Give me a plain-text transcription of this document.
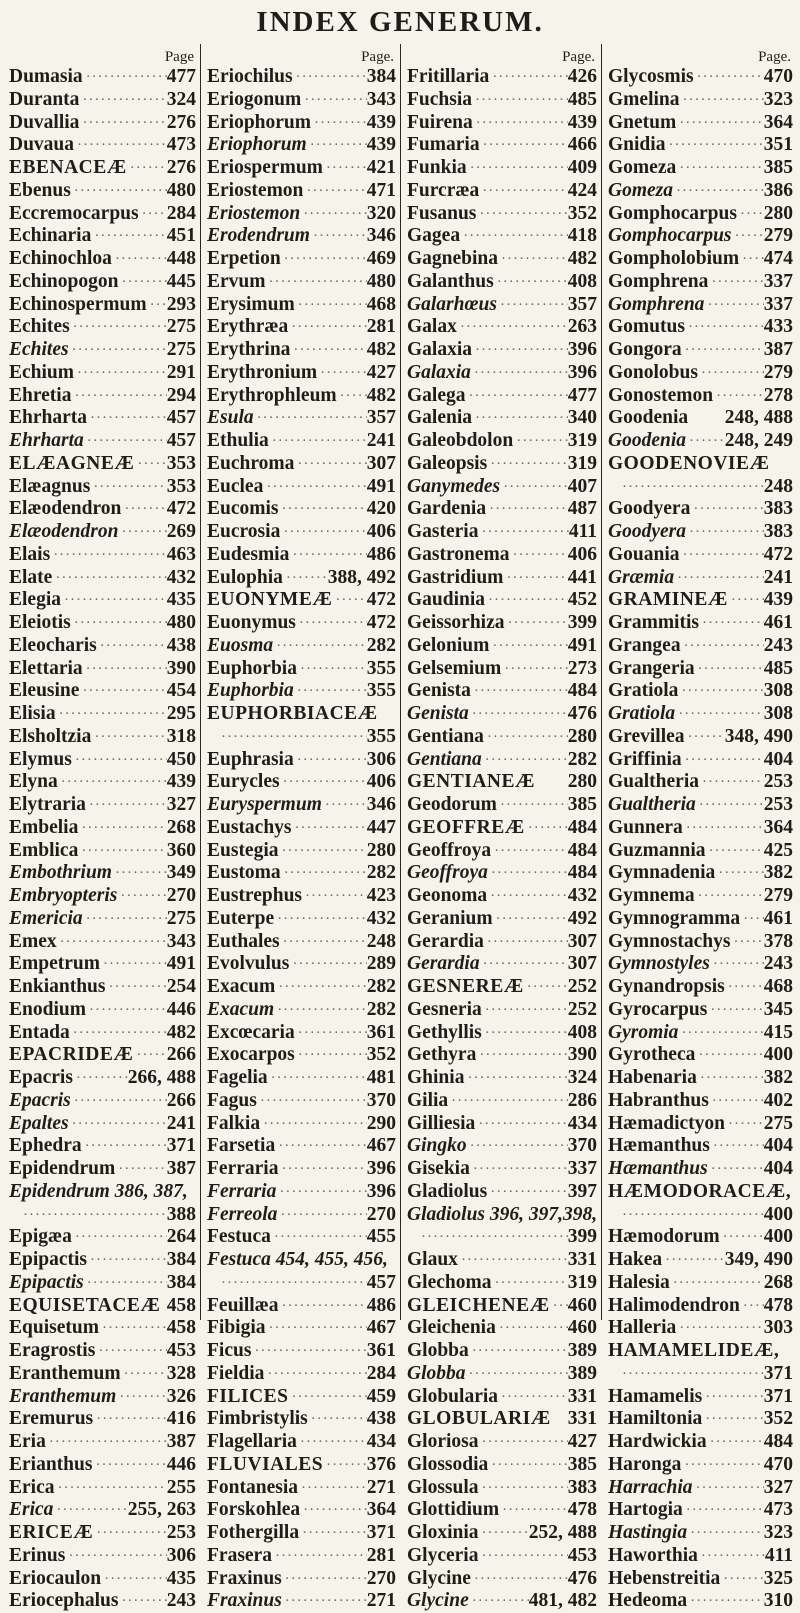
INDEX GENERUM.
Page
Dumasia ·····	477
Duranta ·····	324
Duvallia ·····	276
Duvaua ·····	473
EBENACEÆ ····· 276
Ebenus ·····	480
Eccremocarpus ····· 284
Echinaria ·····	451
Echinochloa ·····	448
Echinopogon ····· 445
Echinospermum ····· 293
Echites ·····	275
Echites ·····	275
Echium ·····	291
Ehretia ·····	294
Ehrharta ·····	457
Ehrharta ·····	457
ELÆAGNEÆ ····· 353
Elæagnus ·····	353
Elæodendron ····· 472
Elæodendron ····· 269
Elais ·····	463
Elate ·····	432
Elegia ·····	435
Eleiotis ·····	480
Eleocharis ·····	438
Elettaria ·····	390
Eleusine ·····	454
Elisia ·····	295
Elsholtzia ·····	318
Elymus ·····	450
Elyna ·····	439
Elytraria ·····	327
Embelia ·····	268
Emblica ·····	360
Embothrium ·····	349
Embryopteris ·····	270
Emericia ·····	275
Emex ·····	343
Empetrum ·····	491
Enkianthus ·····	254
Enodium ·····	446
Entada ·····	482
EPACRIDEÆ ····· 266
Epacris ·····	266, 488
Epacris ·····	266
Epaltes ·····	241
Ephedra ·····	371
Epidendrum ·····	387
Epidendrum 386, 387,
·····
388
Epigæa ·····	264
Epipactis ·····	384
Epipactis ·····	384
EQUISETACEÆ 458
Equisetum ·····	458
Eragrostis ·····	453
Eranthemum ····· 328
Eranthemum ·····	326
Eremurus ·····	416
Eria ·····	387
Erianthus ·····	446
Erica ·····	255
Erica ·····	255, 263
ERICEÆ ·····	253
Erinus ·····	306
Eriocaulon ·····	435
Eriocephalus ····· 243
Page.
Eriochilus ·····	384
Eriogonum ·····	343
Eriophorum ·····	439
Eriophorum ·····	439
Eriospermum ····· 421
Eriostemon ·····	471
Eriostemon ·····	320
Erodendrum ·····	346
Erpetion ·····	469
Ervum ·····	480
Erysimum ·····	468
Erythræa ·····	281
Erythrina ·····	482
Erythronium ·····	427
Erythrophleum ····· 482
Esula ·····	357
Ethulia ·····	241
Euchroma ·····	307
Euclea ·····	491
Eucomis ·····	420
Eucrosia ·····	406
Eudesmia ·····	486
Eulophia ····· 388, 492
EUONYMEÆ ····· 472
Euonymus ·····	472
Euosma ·····	282
Euphorbia ·····	355
Euphorbia ·····	355
EUPHORBIACEÆ
·····
355
Euphrasia ·····	306
Eurycles ·····	406
Euryspermum ····· 346
Eustachys ·····	447
Eustegia ·····	280
Eustoma ·····	282
Eustrephus ·····	423
Euterpe ·····	432
Euthales ·····	248
Evolvulus ·····	289
Exacum ·····	282
Exacum ·····	282
Excœcaria ·····	361
Exocarpos ·····	352
Fagelia ·····	481
Fagus ·····	370
Falkia ·····	290
Farsetia ·····	467
Ferraria ·····	396
Ferraria ·····	396
Ferreola ·····	270
Festuca ·····	455
Festuca 454, 455, 456,
·····
457
Feuillæa ·····	486
Fibigia ·····	467
Ficus ·····	361
Fieldia ·····	284
FILICES ·····	459
Fimbristylis ·····	438
Flagellaria ·····	434
FLUVIALES ····· 376
Fontanesia ·····	271
Forskohlea ·····	364
Fothergilla ·····	371
Frasera ·····	281
Fraxinus ·····	270
Fraxinus ·····	271
Page.
Fritillaria ·····	426
Fuchsia ·····	485
Fuirena ·····	439
Fumaria ·····	466
Funkia ·····	409
Furcræa ·····	424
Fusanus ·····	352
Gagea ·····	418
Gagnebina ·····	482
Galanthus ·····	408
Galarhœus ·····	357
Galax ·····	263
Galaxia ·····	396
Galaxia ·····	396
Galega ·····	477
Galenia ·····	340
Galeobdolon ·····	319
Galeopsis ·····	319
Ganymedes ·····	407
Gardenia ·····	487
Gasteria ·····	411
Gastronema ·····	406
Gastridium ·····	441
Gaudinia ·····	452
Geissorhiza ·····	399
Gelonium ·····	491
Gelsemium ·····	273
Genista ·····	484
Genista ·····	476
Gentiana ·····	280
Gentiana ·····	282
GENTIANEÆ 280
Geodorum ·····	385
GEOFFREÆ ····· 484
Geoffroya ·····	484
Geoffroya ·····	484
Geonoma ·····	432
Geranium ·····	492
Gerardia ·····	307
Gerardia ·····	307
GESNEREÆ ····· 252
Gesneria ·····	252
Gethyllis ·····	408
Gethyra ·····	390
Ghinia ·····	324
Gilia ·····	286
Gilliesia ·····	434
Gingko ·····	370
Gisekia ·····	337
Gladiolus ·····	397
Gladiolus 396, 397,398,
·····
399
Glaux ·····	331
Glechoma ·····	319
GLEICHENEÆ ····· 460
Gleichenia ·····	460
Globba ·····	389
Globba ·····	389
Globularia ·····	331
GLOBULARIÆ 331
Gloriosa ·····	427
Glossodia ·····	385
Glossula ·····	383
Glottidium ·····	478
Gloxinia ·····	252, 488
Glyceria ·····	453
Glycine ·····	476
Glycine ·····	481, 482
Page.
Glycosmis ·····	470
Gmelina ·····	323
Gnetum ·····	364
Gnidia ·····	351
Gomeza ·····	385
Gomeza ·····	386
Gomphocarpus ····· 280
Gomphocarpus ····· 279
Gompholobium ····· 474
Gomphrena ·····	337
Gomphrena ·····	337
Gomutus ·····	433
Gongora ·····	387
Gonolobus ·····	279
Gonostemon ·····	278
Goodenia 248, 488
Goodenia ····· 248, 249
GOODENOVIEÆ
·····
248
Goodyera ·····	383
Goodyera ·····	383
Gouania ·····	472
Græmia ·····	241
GRAMINEÆ ····· 439
Grammitis ·····	461
Grangea ·····	243
Grangeria ·····	485
Gratiola ·····	308
Gratiola ·····	308
Grevillea ····· 348, 490
Griffinia ·····	404
Gualtheria ·····	253
Gualtheria ·····	253
Gunnera ·····	364
Guzmannia ·····	425
Gymnadenia ····· 382
Gymnema ·····	279
Gymnogramma ····· 461
Gymnostachys ····· 378
Gymnostyles ·····	243
Gynandropsis ····· 468
Gyrocarpus ·····	345
Gyromia ·····	415
Gyrotheca ·····	400
Habenaria ·····	382
Habranthus ·····	402
Hæmadictyon ····· 275
Hæmanthus ·····	404
Hæmanthus ·····	404
HÆMODORACEÆ,
·····
400
Hæmodorum ····· 400
Hakea ·····	349, 490
Halesia ·····	268
Halimodendron ····· 478
Halleria ·····	303
HAMAMELIDEÆ,
·····
371
Hamamelis ·····	371
Hamiltonia ·····	352
Hardwickia ·····	484
Haronga ·····	470
Harrachia ·····	327
Hartogia ·····	473
Hastingia ·····	323
Haworthia ·····	411
Hebenstreitia ····· 325
Hedeoma ·····	310
